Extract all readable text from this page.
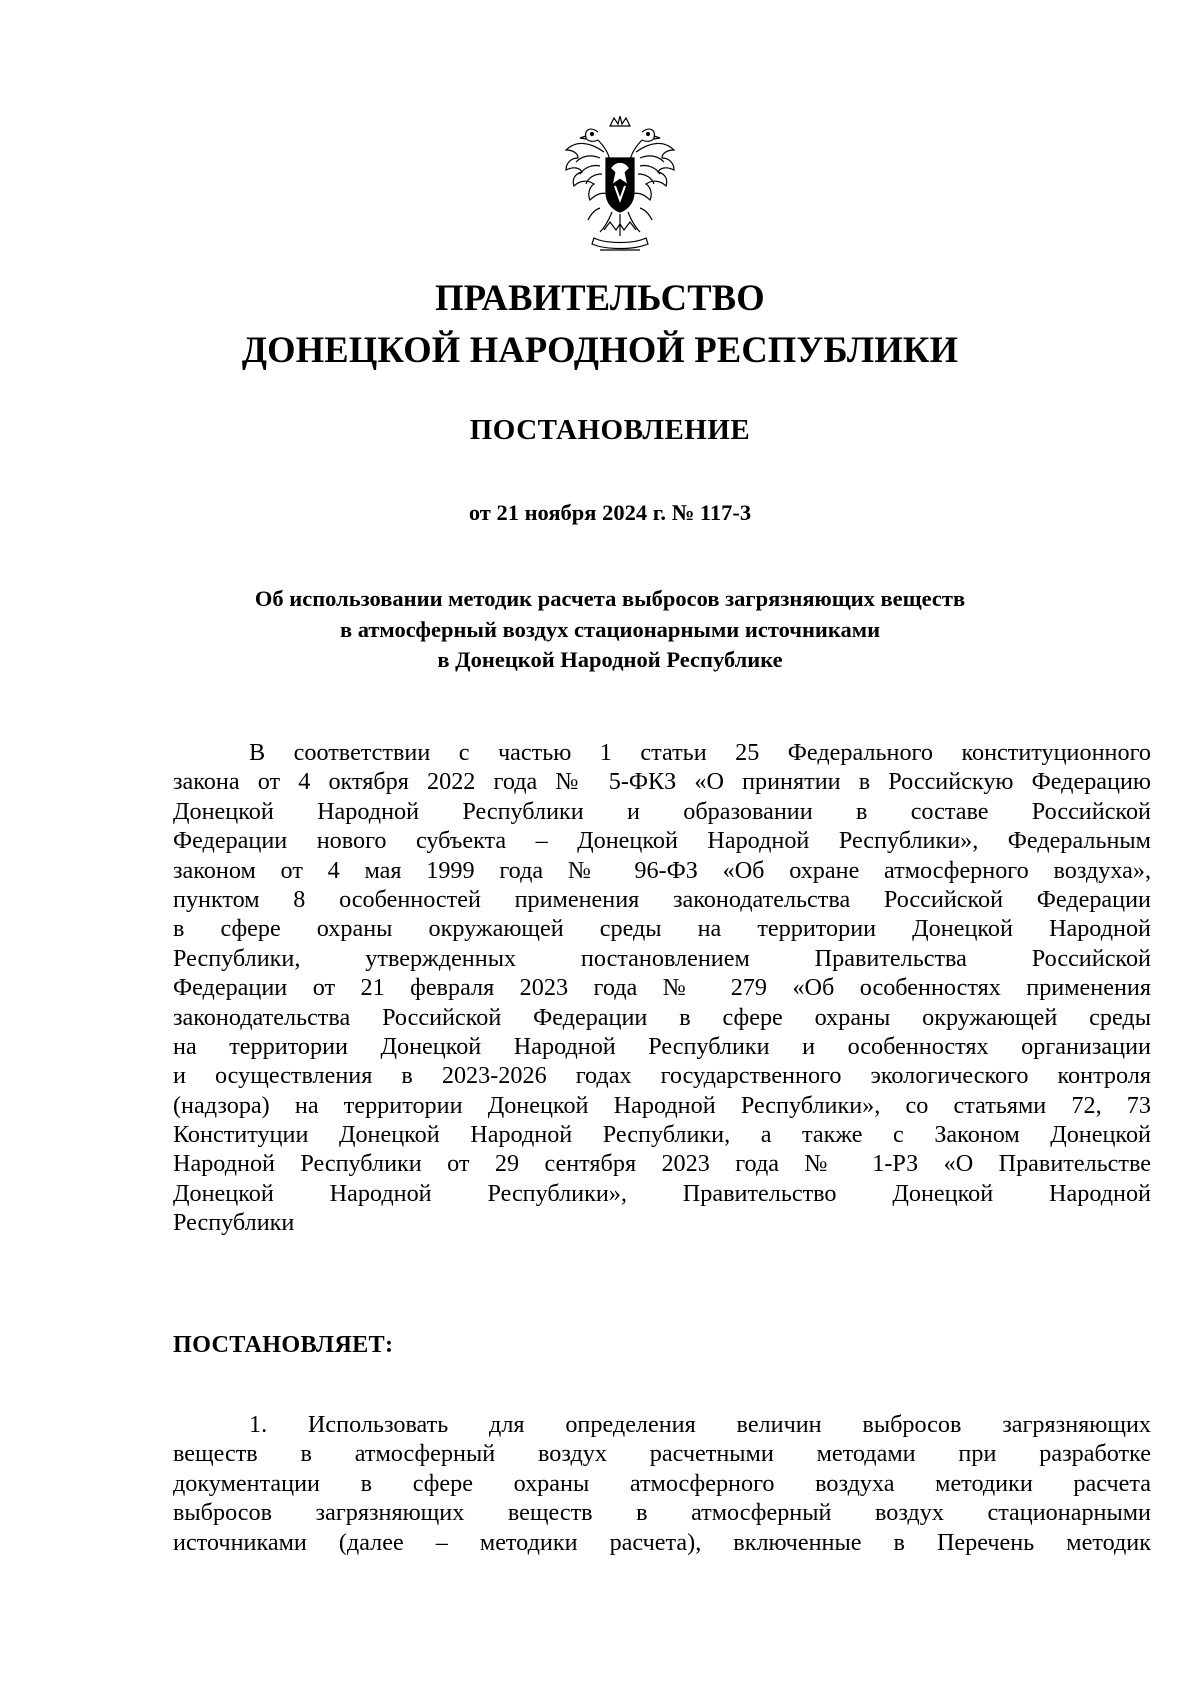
ПРАВИТЕЛЬСТВО
ДОНЕЦКОЙ НАРОДНОЙ РЕСПУБЛИКИ
ПОСТАНОВЛЕНИЕ
от 21 ноября 2024 г. № 117-3
Об использовании методик расчета выбросов загрязняющих веществ
в атмосферный воздух стационарными источниками
в Донецкой Народной Республике
В соответствии с частью 1 статьи 25 Федерального конституционного
закона от 4 октября 2022 года № 5-ФКЗ «О принятии в Российскую Федерацию
Донецкой Народной Республики и образовании в составе Российской
Федерации нового субъекта – Донецкой Народной Республики», Федеральным
законом от 4 мая 1999 года № 96-ФЗ «Об охране атмосферного воздуха»,
пунктом 8 особенностей применения законодательства Российской Федерации
в сфере охраны окружающей среды на территории Донецкой Народной
Республики, утвержденных постановлением Правительства Российской
Федерации от 21 февраля 2023 года № 279 «Об особенностях применения
законодательства Российской Федерации в сфере охраны окружающей среды
на территории Донецкой Народной Республики и особенностях организации
и осуществления в 2023-2026 годах государственного экологического контроля
(надзора) на территории Донецкой Народной Республики», со статьями 72, 73
Конституции Донецкой Народной Республики, а также с Законом Донецкой
Народной Республики от 29 сентября 2023 года № 1-РЗ «О Правительстве
Донецкой Народной Республики», Правительство Донецкой Народной
Республики
ПОСТАНОВЛЯЕТ:
1. Использовать для определения величин выбросов загрязняющих
веществ в атмосферный воздух расчетными методами при разработке
документации в сфере охраны атмосферного воздуха методики расчета
выбросов загрязняющих веществ в атмосферный воздух стационарными
источниками (далее – методики расчета), включенные в Перечень методик
